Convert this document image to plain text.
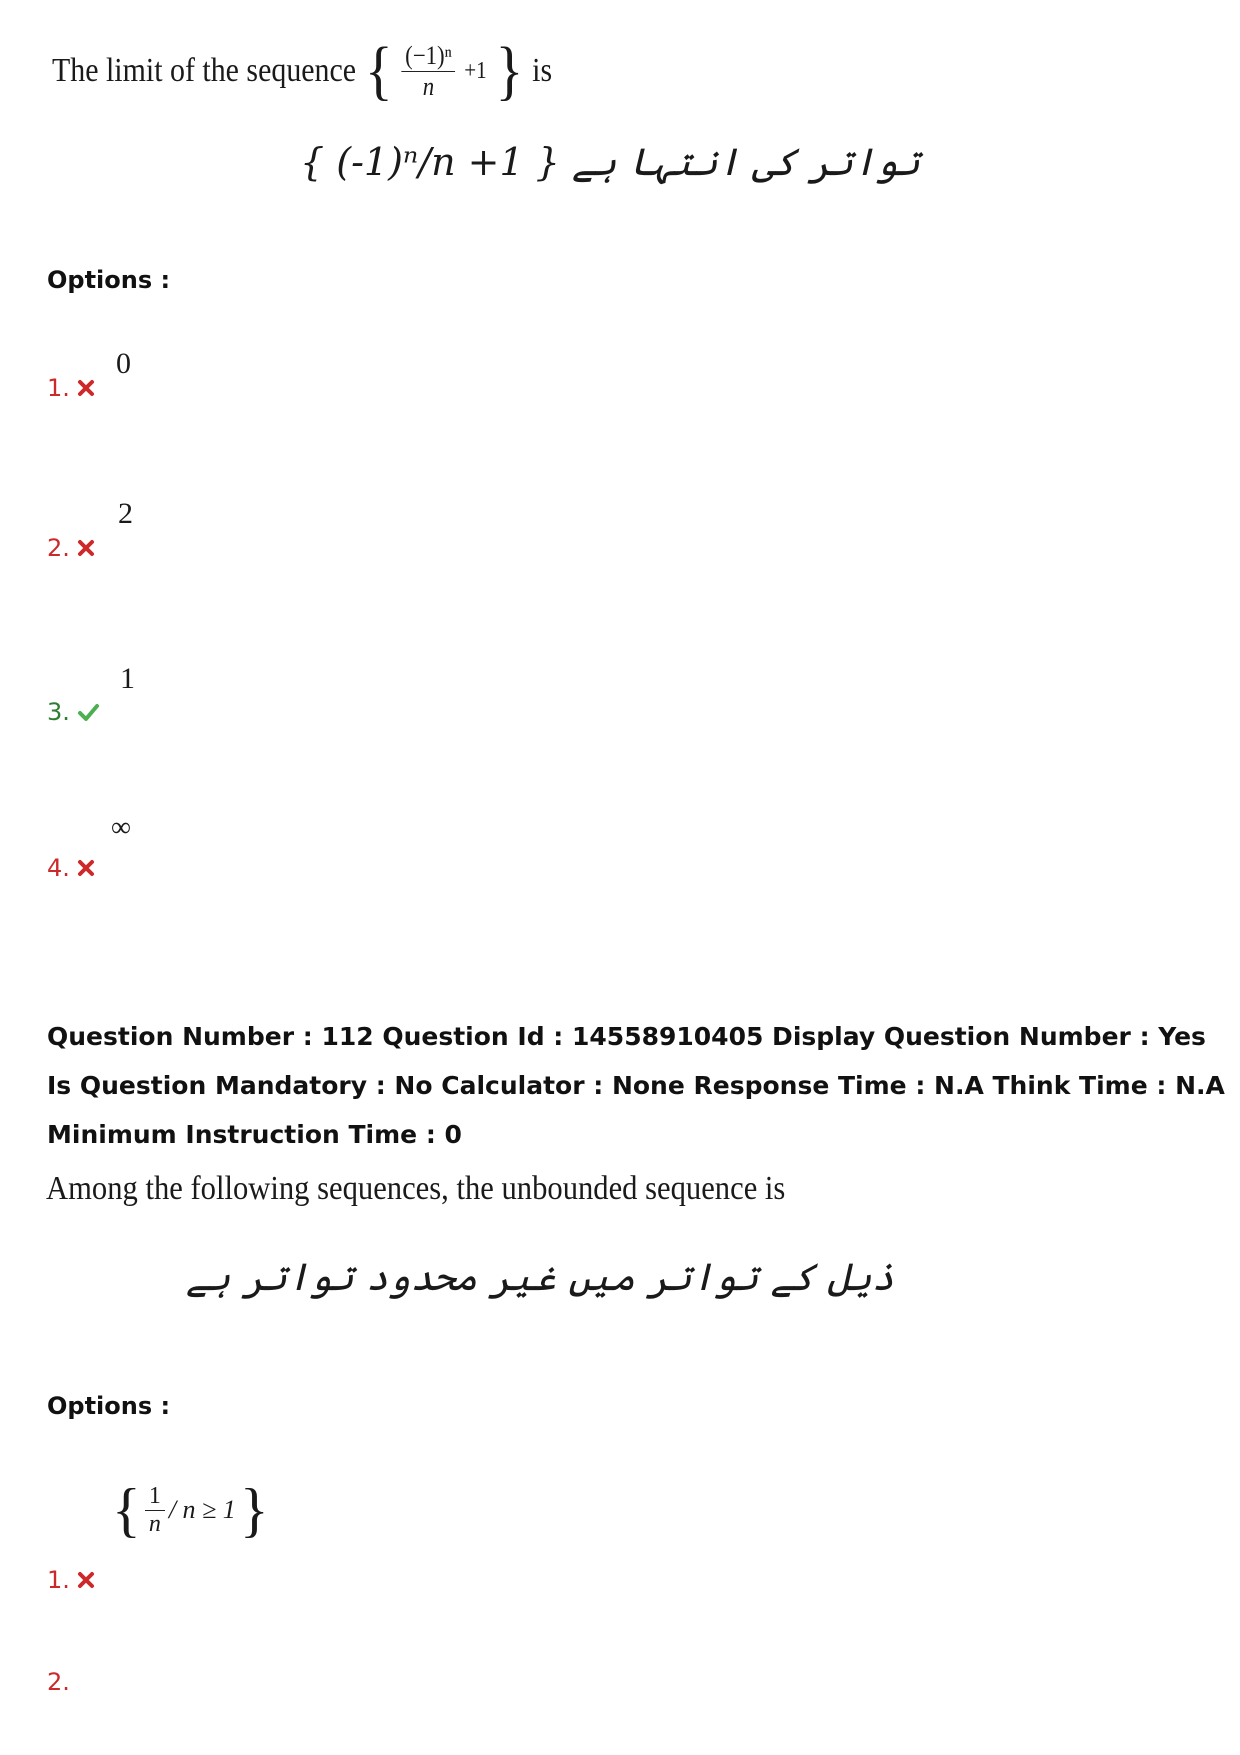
The limit of the sequence { $\frac{\text{(−1)ⁿ}}{n} +1$ } is
{ (-1)ⁿ/n +1 } تواتر کی انتہا ہے
Options :
0
1.
2
2.
1
3.
∞
4.
Question Number : 112 Question Id : 14558910405 Display Question Number : Yes Is Question Mandatory : No Calculator : None Response Time : N.A Think Time : N.A Minimum Instruction Time : 0
Among the following sequences, the unbounded sequence is
ذیل کے تواتر میں غیر محدود تواتر ہے
Options :
{ $\frac{1}{n} / n \ge 1$ }
1.
2.
